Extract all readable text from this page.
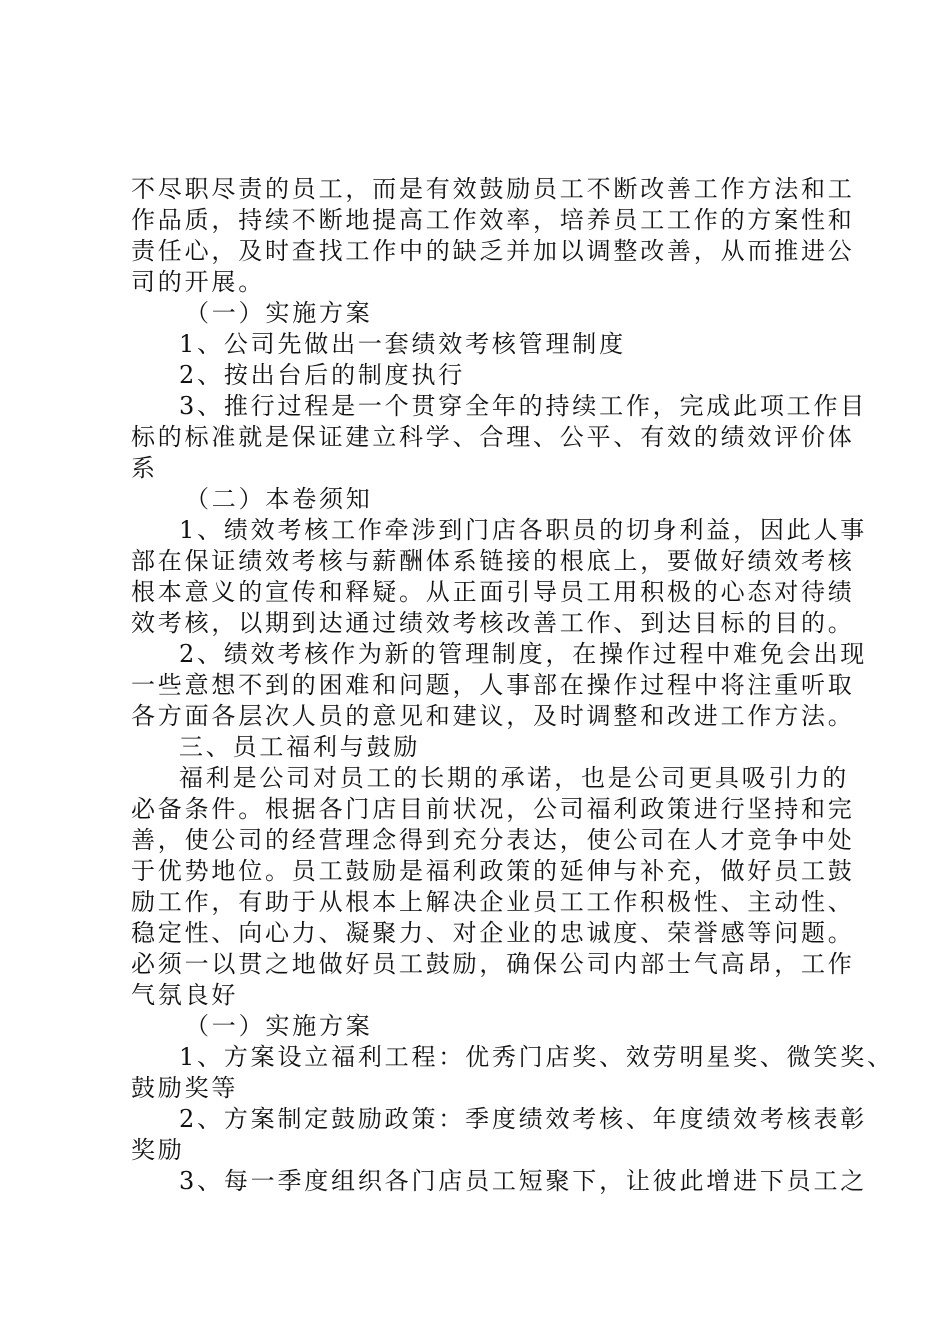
不尽职尽责的员工，而是有效鼓励员工不断改善工作方法和工
作品质，持续不断地提高工作效率，培养员工工作的方案性和
责任心，及时查找工作中的缺乏并加以调整改善，从而推进公
司的开展。
（一）实施方案
1、公司先做出一套绩效考核管理制度
2、按出台后的制度执行
3、推行过程是一个贯穿全年的持续工作，完成此项工作目
标的标准就是保证建立科学、合理、公平、有效的绩效评价体
系
（二）本卷须知
1、绩效考核工作牵涉到门店各职员的切身利益，因此人事
部在保证绩效考核与薪酬体系链接的根底上，要做好绩效考核
根本意义的宣传和释疑。从正面引导员工用积极的心态对待绩
效考核，以期到达通过绩效考核改善工作、到达目标的目的。
2、绩效考核作为新的管理制度，在操作过程中难免会出现
一些意想不到的困难和问题，人事部在操作过程中将注重听取
各方面各层次人员的意见和建议，及时调整和改进工作方法。
三、员工福利与鼓励
福利是公司对员工的长期的承诺，也是公司更具吸引力的
必备条件。根据各门店目前状况，公司福利政策进行坚持和完
善，使公司的经营理念得到充分表达，使公司在人才竞争中处
于优势地位。员工鼓励是福利政策的延伸与补充，做好员工鼓
励工作，有助于从根本上解决企业员工工作积极性、主动性、
稳定性、向心力、凝聚力、对企业的忠诚度、荣誉感等问题。
必须一以贯之地做好员工鼓励，确保公司内部士气高昂，工作
气氛良好
（一）实施方案
1、方案设立福利工程：优秀门店奖、效劳明星奖、微笑奖、
鼓励奖等
2、方案制定鼓励政策：季度绩效考核、年度绩效考核表彰
奖励
3、每一季度组织各门店员工短聚下，让彼此增进下员工之
